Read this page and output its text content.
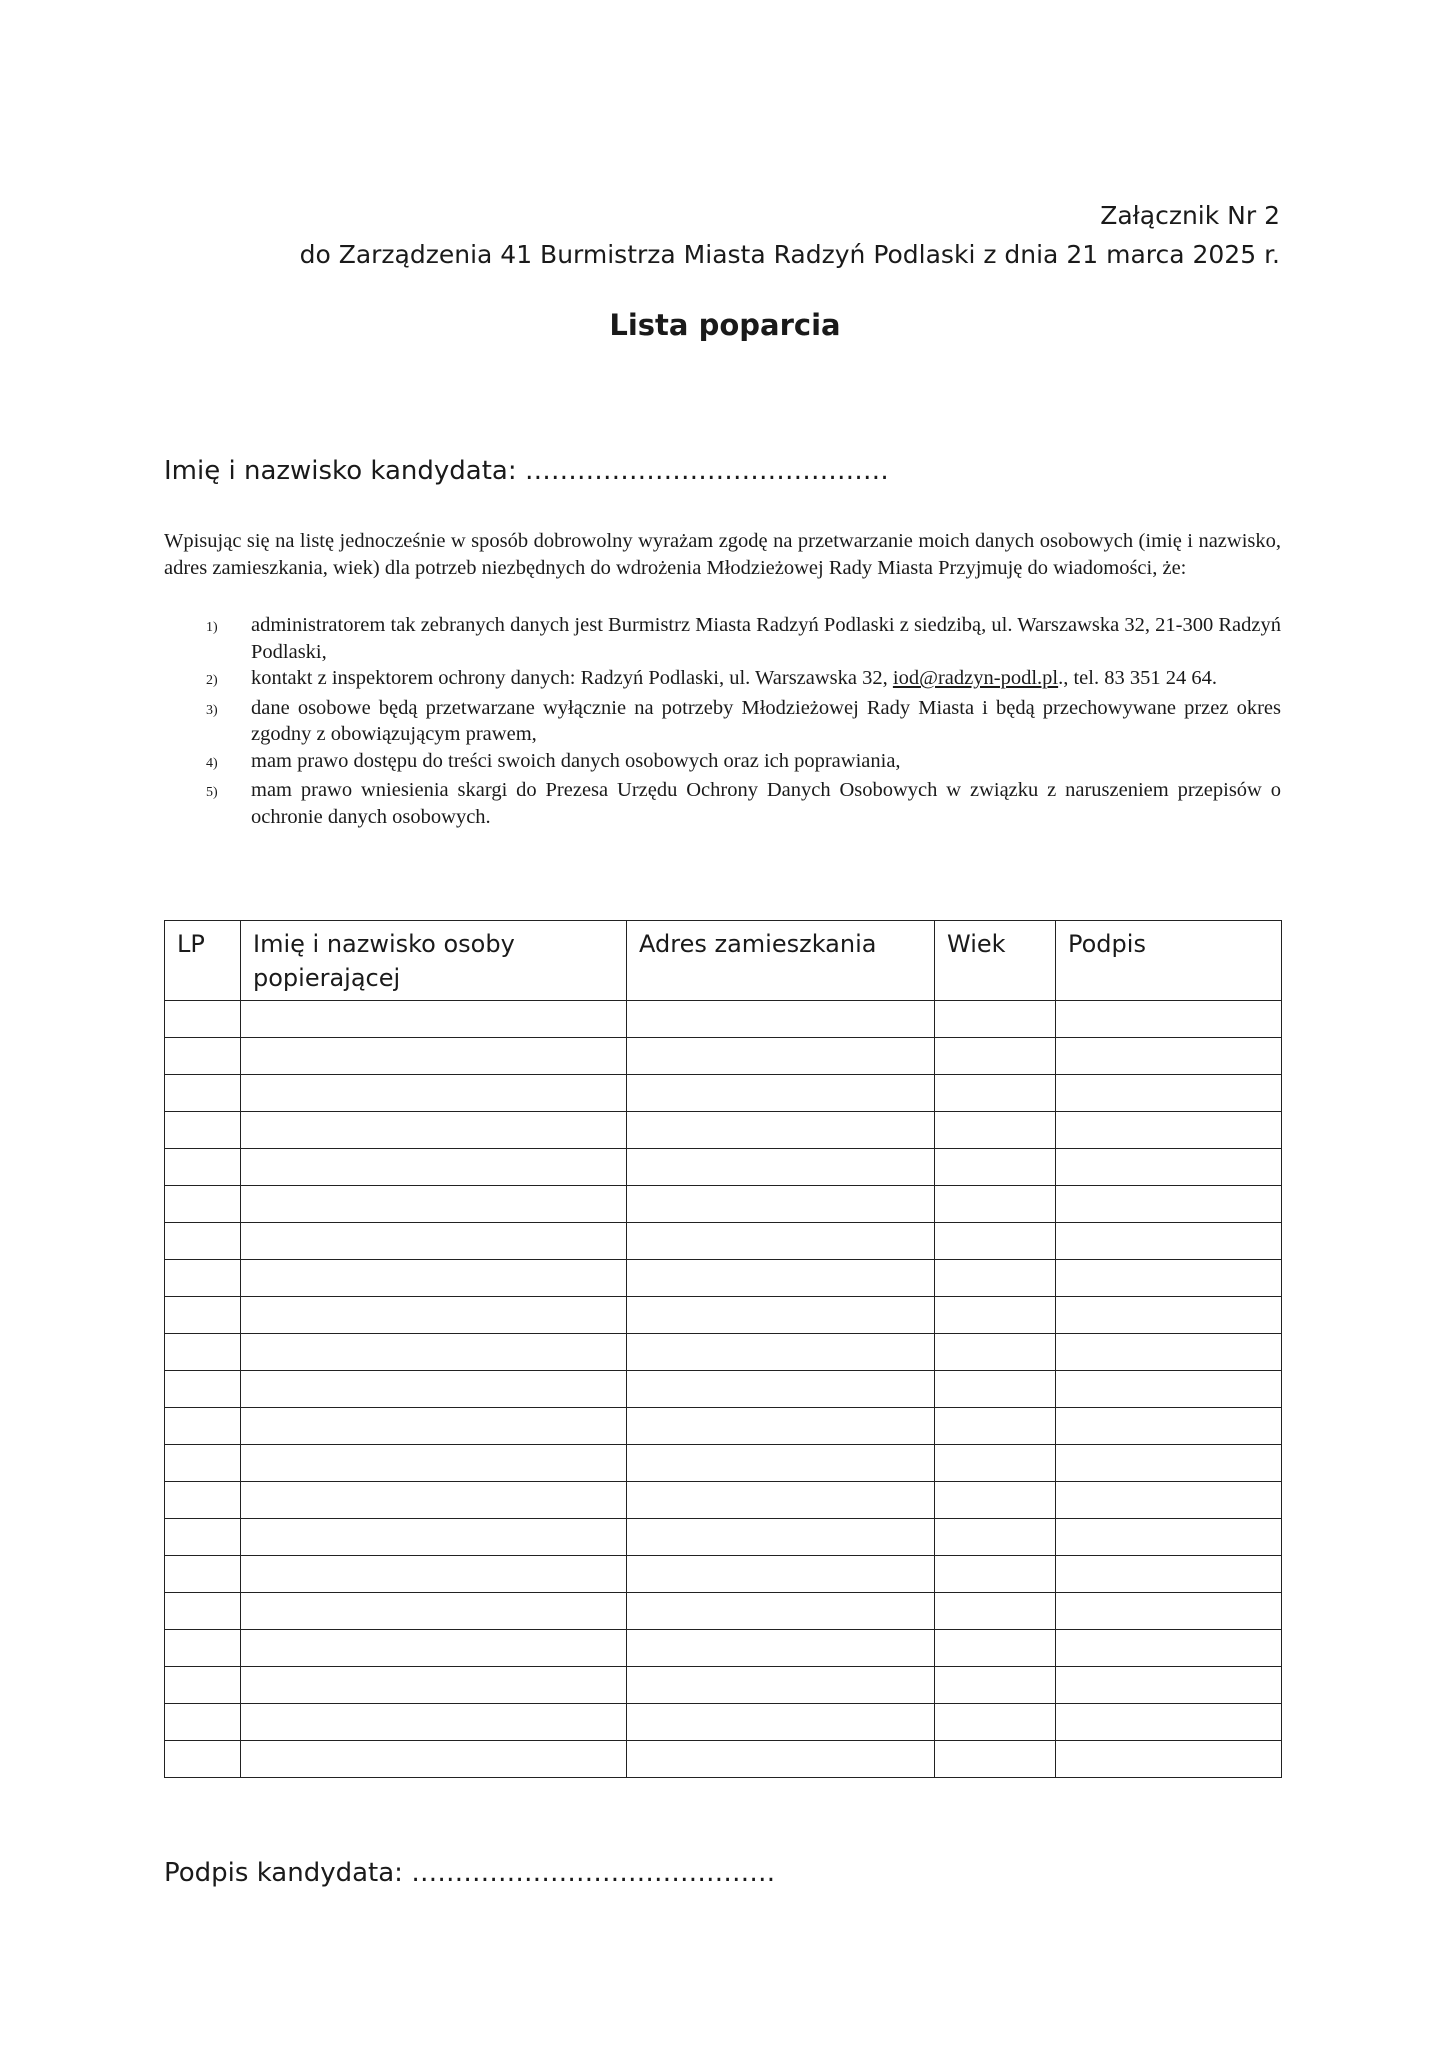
Załącznik Nr 2
do Zarządzenia 41 Burmistrza Miasta Radzyń Podlaski z dnia 21 marca 2025 r.
Lista poparcia
Imię i nazwisko kandydata: ……………………………………
Wpisując się na listę jednocześnie w sposób dobrowolny wyrażam zgodę na przetwarzanie moich danych osobowych (imię i nazwisko, adres zamieszkania, wiek) dla potrzeb niezbędnych do wdrożenia Młodzieżowej Rady Miasta Przyjmuję do wiadomości, że:
1)	administratorem tak zebranych danych jest Burmistrz Miasta Radzyń Podlaski z siedzibą, ul. Warszawska 32, 21-300 Radzyń Podlaski,
2)	kontakt z inspektorem ochrony danych: Radzyń Podlaski, ul. Warszawska 32, iod@radzyn-podl.pl., tel. 83 351 24 64.
3)	dane osobowe będą przetwarzane wyłącznie na potrzeby Młodzieżowej Rady Miasta i będą przechowywane przez okres zgodny z obowiązującym prawem,
4)	mam prawo dostępu do treści swoich danych osobowych oraz ich poprawiania,
5)	mam prawo wniesienia skargi do Prezesa Urzędu Ochrony Danych Osobowych w związku z naruszeniem przepisów o ochronie danych osobowych.
LP	Imię i nazwisko osoby popierającej	Adres zamieszkania	Wiek	Podpis

Podpis kandydata: ……………………………………
